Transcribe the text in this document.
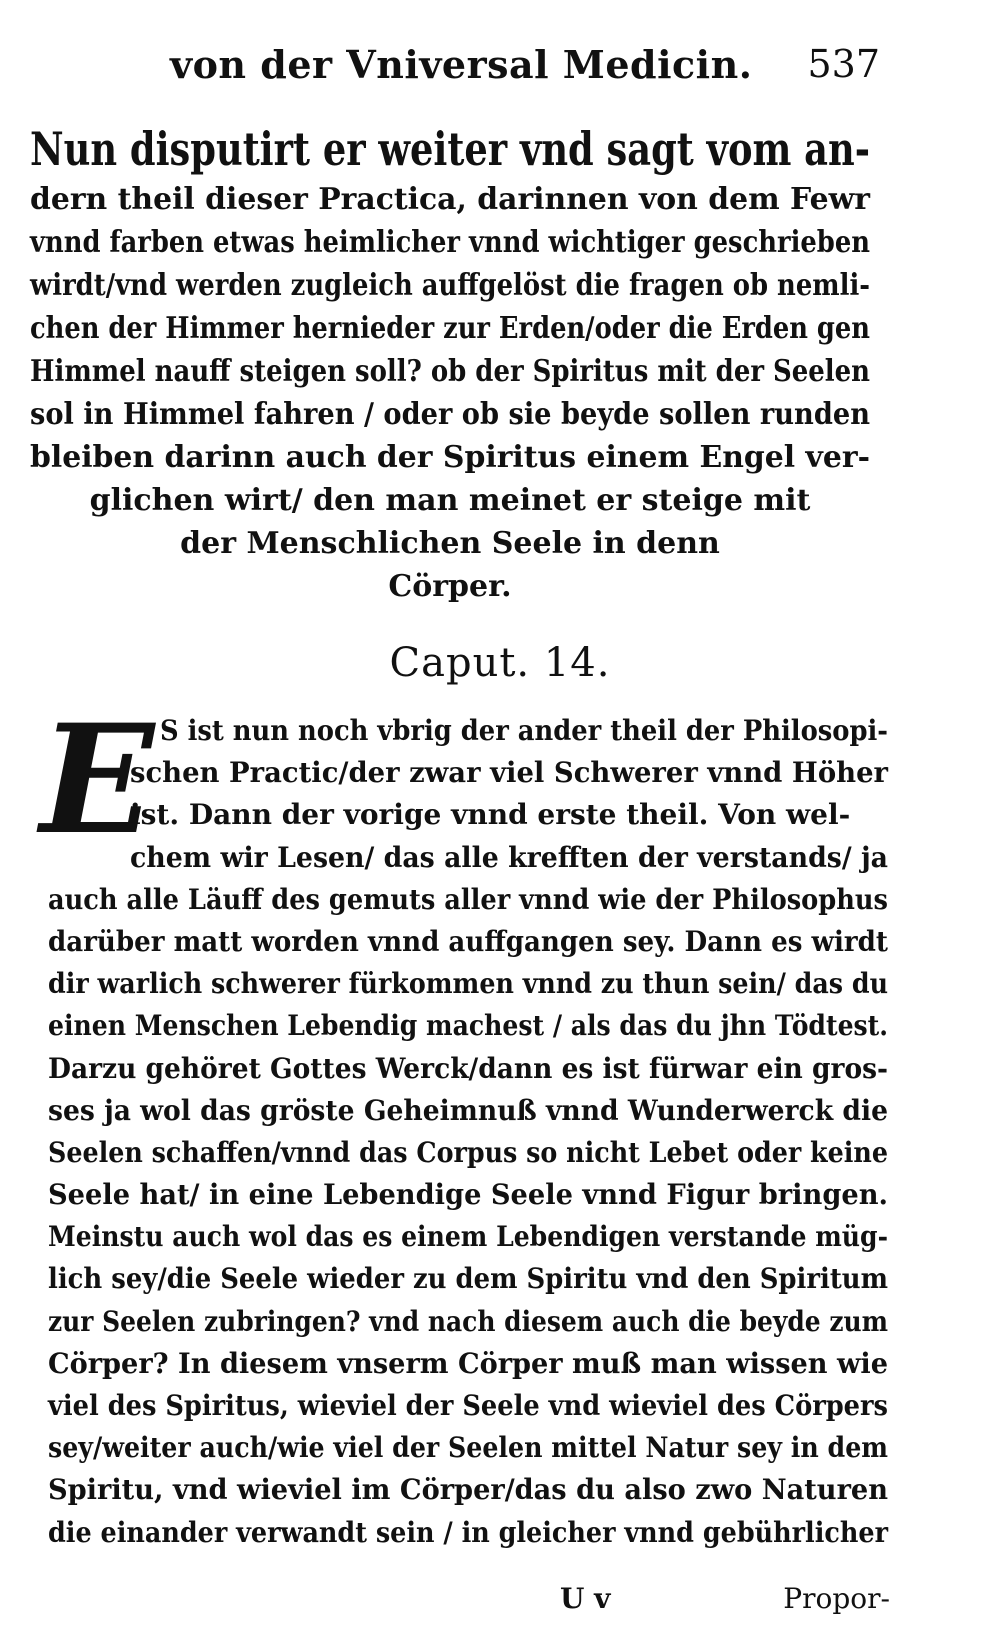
von der Vniversal Medicin. 537
Nun disputirt er weiter vnd sagt vom an-
dern theil dieser Practica, darinnen von dem Fewr
vnnd farben etwas heimlicher vnnd wichtiger geschrieben
wirdt/vnd werden zugleich auffgelöst die fragen ob nemli-
chen der Himmer hernieder zur Erden/oder die Erden gen
Himmel nauff steigen soll? ob der Spiritus mit der Seelen
sol in Himmel fahren / oder ob sie beyde sollen runden
bleiben darinn auch der Spiritus einem Engel ver-
glichen wirt/ den man meinet er steige mit
der Menschlichen Seele in denn
Cörper.
Caput. 14.
E S ist nun noch vbrig der ander theil der Philosopi-
schen Practic/der zwar viel Schwerer vnnd Höher
ist. Dann der vorige vnnd erste theil. Von wel-
chem wir Lesen/ das alle krefften der verstands/ ja
auch alle Läuff des gemuts aller vnnd wie der Philosophus
darüber matt worden vnnd auffgangen sey. Dann es wirdt
dir warlich schwerer fürkommen vnnd zu thun sein/ das du
einen Menschen Lebendig machest / als das du jhn Tödtest.
Darzu gehöret Gottes Werck/dann es ist fürwar ein gros-
ses ja wol das gröste Geheimnuß vnnd Wunderwerck die
Seelen schaffen/vnnd das Corpus so nicht Lebet oder keine
Seele hat/ in eine Lebendige Seele vnnd Figur bringen.
Meinstu auch wol das es einem Lebendigen verstande müg-
lich sey/die Seele wieder zu dem Spiritu vnd den Spiritum
zur Seelen zubringen? vnd nach diesem auch die beyde zum
Cörper? In diesem vnserm Cörper muß man wissen wie
viel des Spiritus, wieviel der Seele vnd wieviel des Cörpers
sey/weiter auch/wie viel der Seelen mittel Natur sey in dem
Spiritu, vnd wieviel im Cörper/das du also zwo Naturen
die einander verwandt sein / in gleicher vnnd gebührlicher
U v	Propor-
